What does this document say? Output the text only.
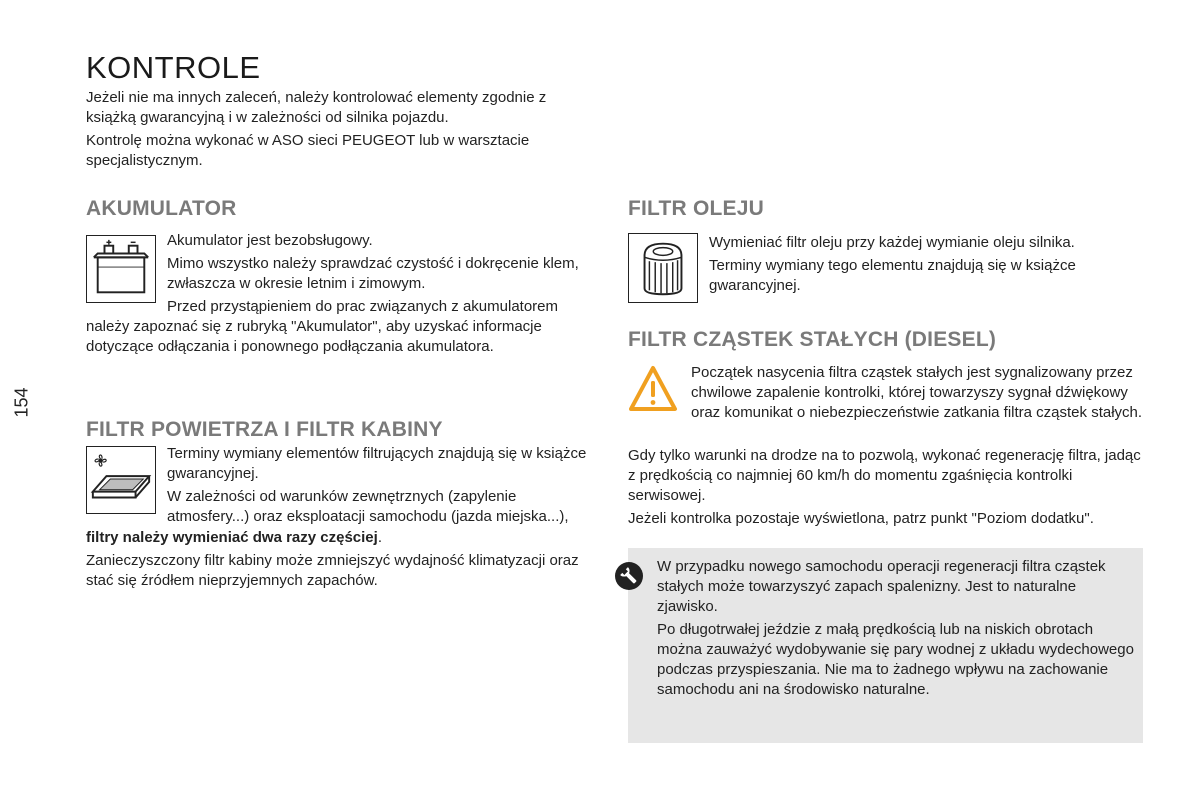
KONTROLE

Jeżeli nie ma innych zaleceń, należy kontrolować elementy zgodnie z książką gwarancyjną i w zależności od silnika pojazdu.

Kontrolę można wykonać w ASO sieci PEUGEOT lub w warsztacie specjalistycznym.

154
AKUMULATOR

Akumulator jest bezobsługowy.

Mimo wszystko należy sprawdzać czystość i dokręcenie klem, zwłaszcza w okresie letnim i zimowym.

Przed przystąpieniem do prac związanych z akumulatorem

należy zapoznać się z rubryką "Akumulator", aby uzyskać informacje dotyczące odłączania i ponownego podłączania akumulatora.

FILTR POWIETRZA I FILTR KABINY

Terminy wymiany elementów filtrujących znajdują się w książce gwarancyjnej.

W zależności od warunków zewnętrznych (zapylenie atmosfery...) oraz eksploatacji samochodu (jazda miejska...),

filtry należy wymieniać dwa razy częściej.

Zanieczyszczony filtr kabiny może zmniejszyć wydajność klimatyzacji oraz stać się źródłem nieprzyjemnych zapachów.

FILTR OLEJU

Wymieniać filtr oleju przy każdej wymianie oleju silnika.

Terminy wymiany tego elementu znajdują się w książce gwarancyjnej.

FILTR CZĄSTEK STAŁYCH (DIESEL)

Początek nasycenia filtra cząstek stałych jest sygnalizowany przez chwilowe zapalenie kontrolki, której towarzyszy sygnał dźwiękowy oraz komunikat o niebezpieczeństwie zatkania filtra cząstek stałych.

Gdy tylko warunki na drodze na to pozwolą, wykonać regenerację filtra, jadąc z prędkością co najmniej 60 km/h do momentu zgaśnięcia kontrolki serwisowej.

Jeżeli kontrolka pozostaje wyświetlona, patrz punkt "Poziom dodatku".

W przypadku nowego samochodu operacji regeneracji filtra cząstek stałych może towarzyszyć zapach spalenizny. Jest to naturalne zjawisko.

Po długotrwałej jeździe z małą prędkością lub na niskich obrotach można zauważyć wydobywanie się pary wodnej z układu wydechowego podczas przyspieszania. Nie ma to żadnego wpływu na zachowanie samochodu ani na środowisko naturalne.
